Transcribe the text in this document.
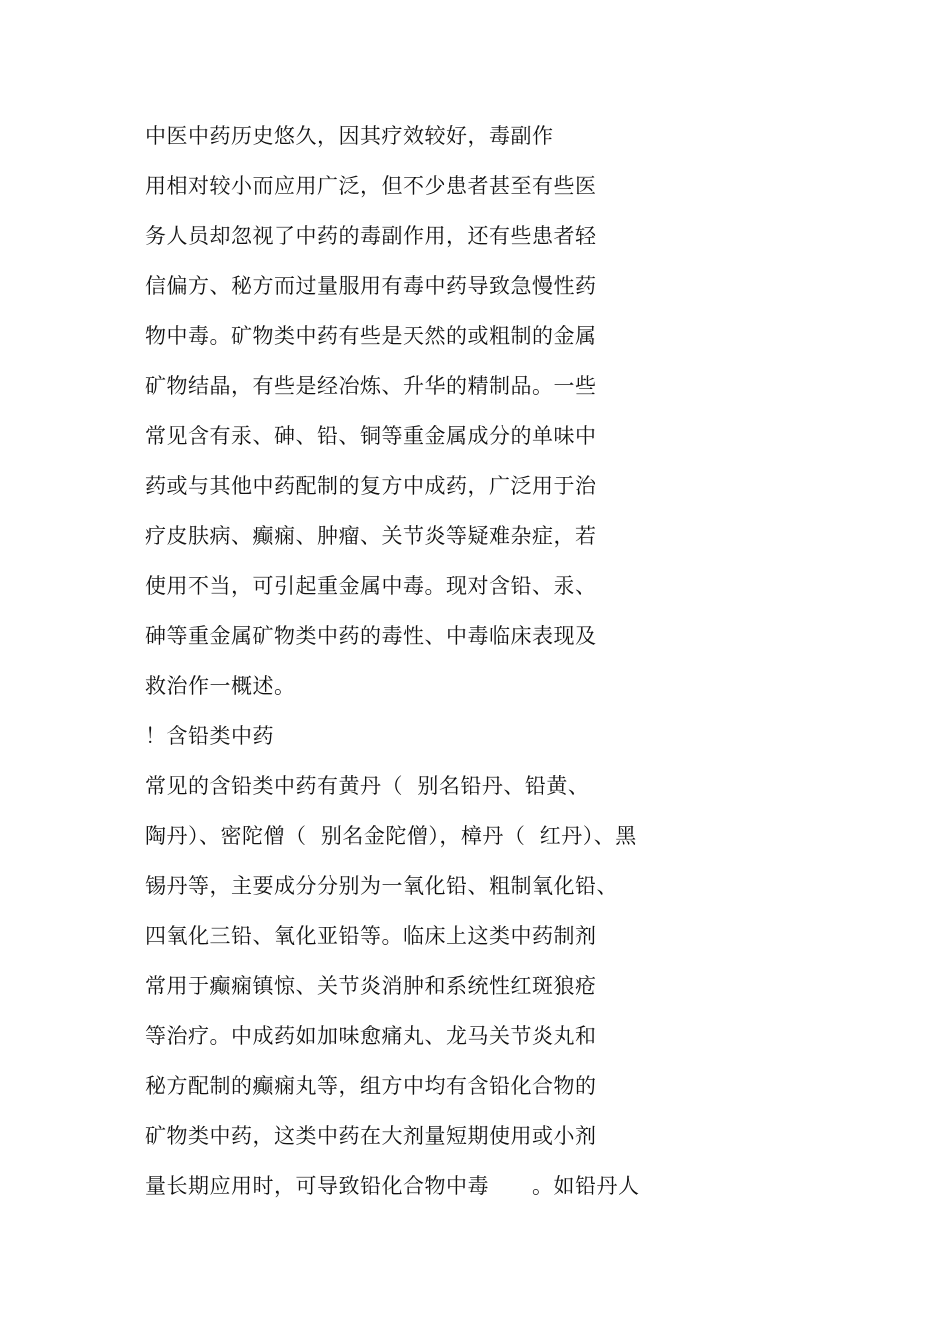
中医中药历史悠久，因其疗效较好，毒副作
用相对较小而应用广泛，但不少患者甚至有些医
务人员却忽视了中药的毒副作用，还有些患者轻
信偏方、秘方而过量服用有毒中药导致急慢性药
物中毒。矿物类中药有些是天然的或粗制的金属
矿物结晶，有些是经冶炼、升华的精制品。一些
常见含有汞、砷、铅、铜等重金属成分的单味中
药或与其他中药配制的复方中成药，广泛用于治
疗皮肤病、癫痫、肿瘤、关节炎等疑难杂症，若
使用不当，可引起重金属中毒。现对含铅、汞、
砷等重金属矿物类中药的毒性、中毒临床表现及
救治作一概述。
！含铅类中药
常见的含铅类中药有黄丹（  别名铅丹、铅黄、
陶丹）、密陀僧（  别名金陀僧），樟丹（  红丹）、黑
锡丹等，主要成分分别为一氧化铅、粗制氧化铅、
四氧化三铅、氧化亚铅等。临床上这类中药制剂
常用于癫痫镇惊、关节炎消肿和系统性红斑狼疮
等治疗。中成药如加味愈痛丸、龙马关节炎丸和
秘方配制的癫痫丸等，组方中均有含铅化合物的
矿物类中药，这类中药在大剂量短期使用或小剂
量长期应用时，可导致铅化合物中毒      。如铅丹人
